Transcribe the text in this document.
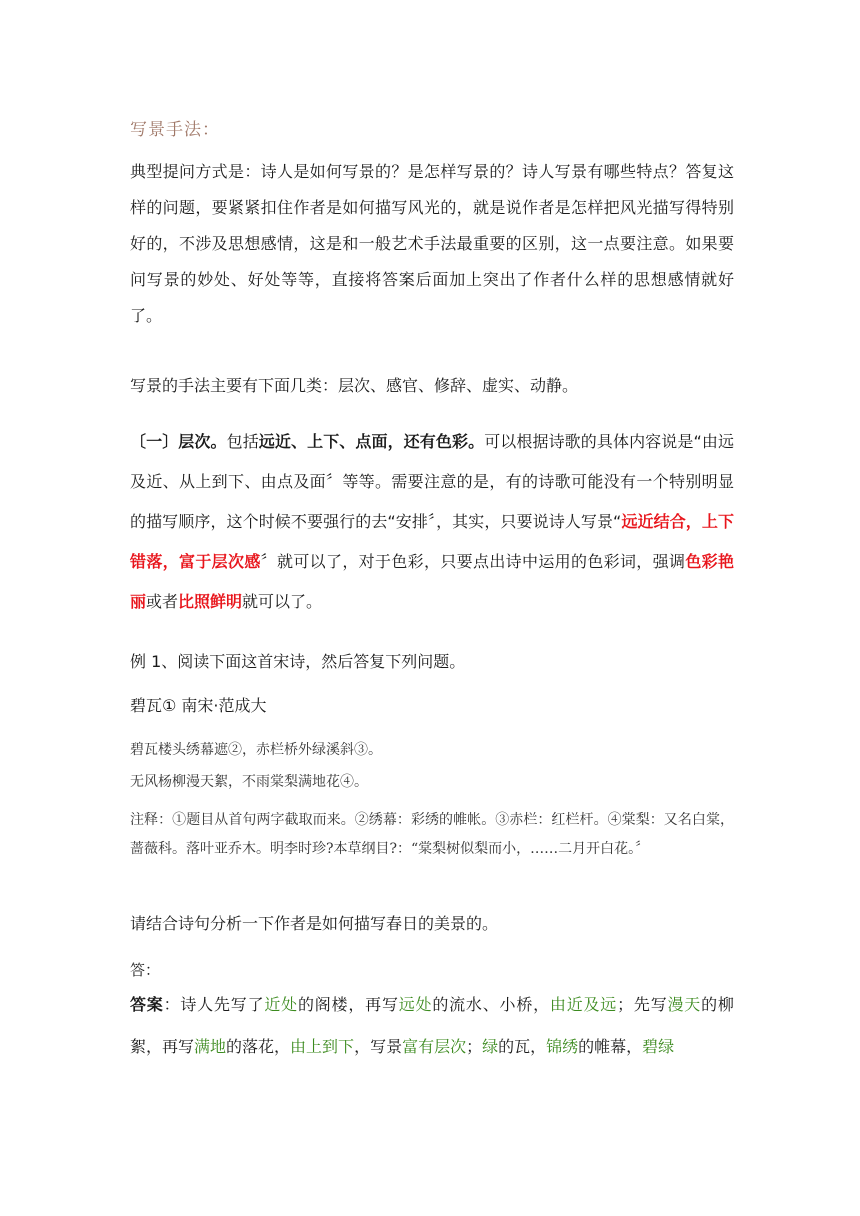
写景手法：

典型提问方式是：诗人是如何写景的？是怎样写景的？诗人写景有哪些特点？答复这样的问题，要紧紧扣住作者是如何描写风光的，就是说作者是怎样把风光描写得特别好的，不涉及思想感情，这是和一般艺术手法最重要的区别，这一点要注意。如果要问写景的妙处、好处等等，直接将答案后面加上突出了作者什么样的思想感情就好了。

写景的手法主要有下面几类：层次、感官、修辞、虚实、动静。

〔一〕层次。包括远近、上下、点面，还有色彩。可以根据诗歌的具体内容说是“由远及近、从上到下、由点及面〞等等。需要注意的是，有的诗歌可能没有一个特别明显的描写顺序，这个时候不要强行的去“安排〞，其实，只要说诗人写景“远近结合，上下错落，富于层次感〞就可以了，对于色彩，只要点出诗中运用的色彩词，强调色彩艳丽或者比照鲜明就可以了。

例 1、阅读下面这首宋诗，然后答复下列问题。

碧瓦① 南宋·范成大

碧瓦楼头绣幕遮②，赤栏桥外绿溪斜③。

无风杨柳漫天絮，不雨棠梨满地花④。

注释：①题目从首句两字截取而来。②绣幕：彩绣的帷帐。③赤栏：红栏杆。④棠梨：又名白棠，蔷薇科。落叶亚乔木。明李时珍?本草纲目?：“棠梨树似梨而小，……二月开白花。〞

请结合诗句分析一下作者是如何描写春日的美景的。

答：

答案：诗人先写了近处的阁楼，再写远处的流水、小桥，由近及远；先写漫天的柳絮，再写满地的落花，由上到下，写景富有层次；绿的瓦，锦绣的帷幕，碧绿
